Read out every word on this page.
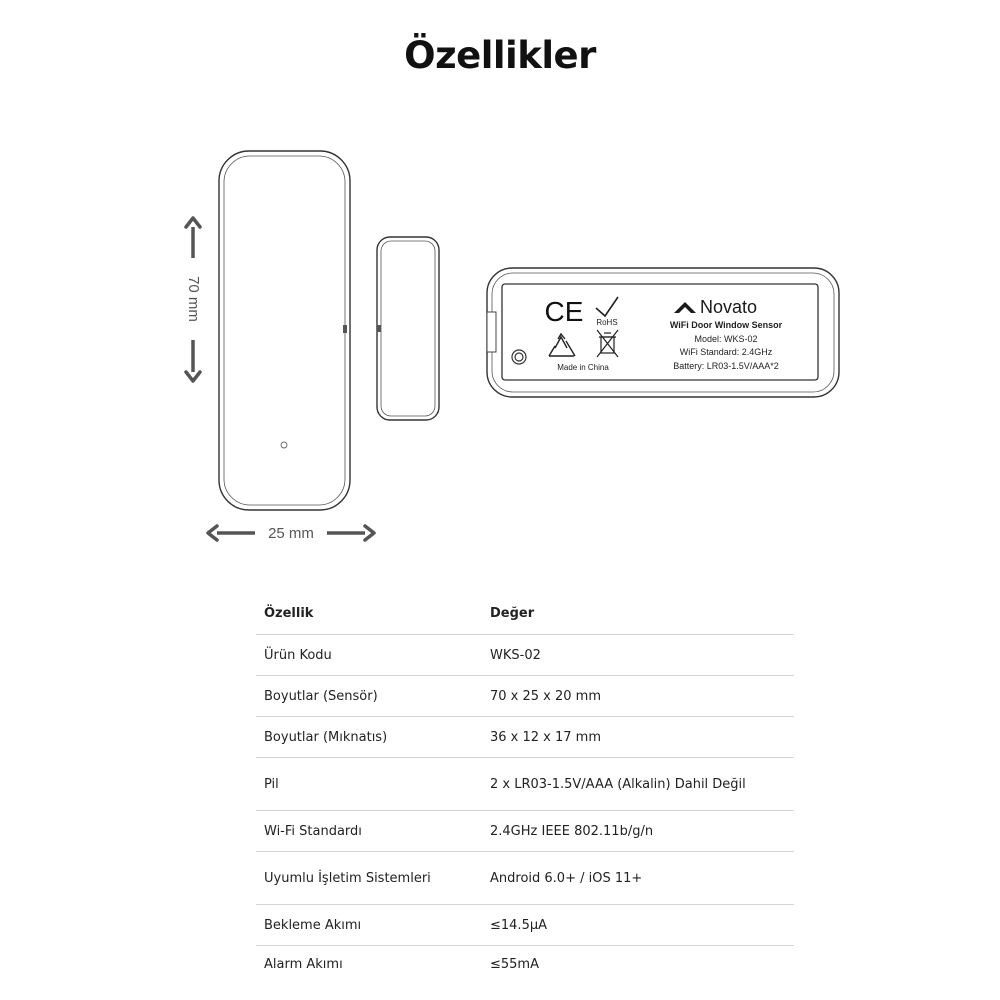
Özellikler
70 mm
25 mm
CE RoHS
Made in China
Novato
WiFi Door Window Sensor
Model: WKS-02
WiFi Standard: 2.4GHz
Battery: LR03-1.5V/AAA*2
Özellik	Değer
Ürün Kodu	WKS-02
Boyutlar (Sensör)	70 x 25 x 20 mm
Boyutlar (Mıknatıs)	36 x 12 x 17 mm
Pil	2 x LR03-1.5V/AAA (Alkalin) Dahil Değil
Wi-Fi Standardı	2.4GHz IEEE 802.11b/g/n
Uyumlu İşletim Sistemleri	Android 6.0+ / iOS 11+
Bekleme Akımı	≤14.5μA
Alarm Akımı	≤55mA
